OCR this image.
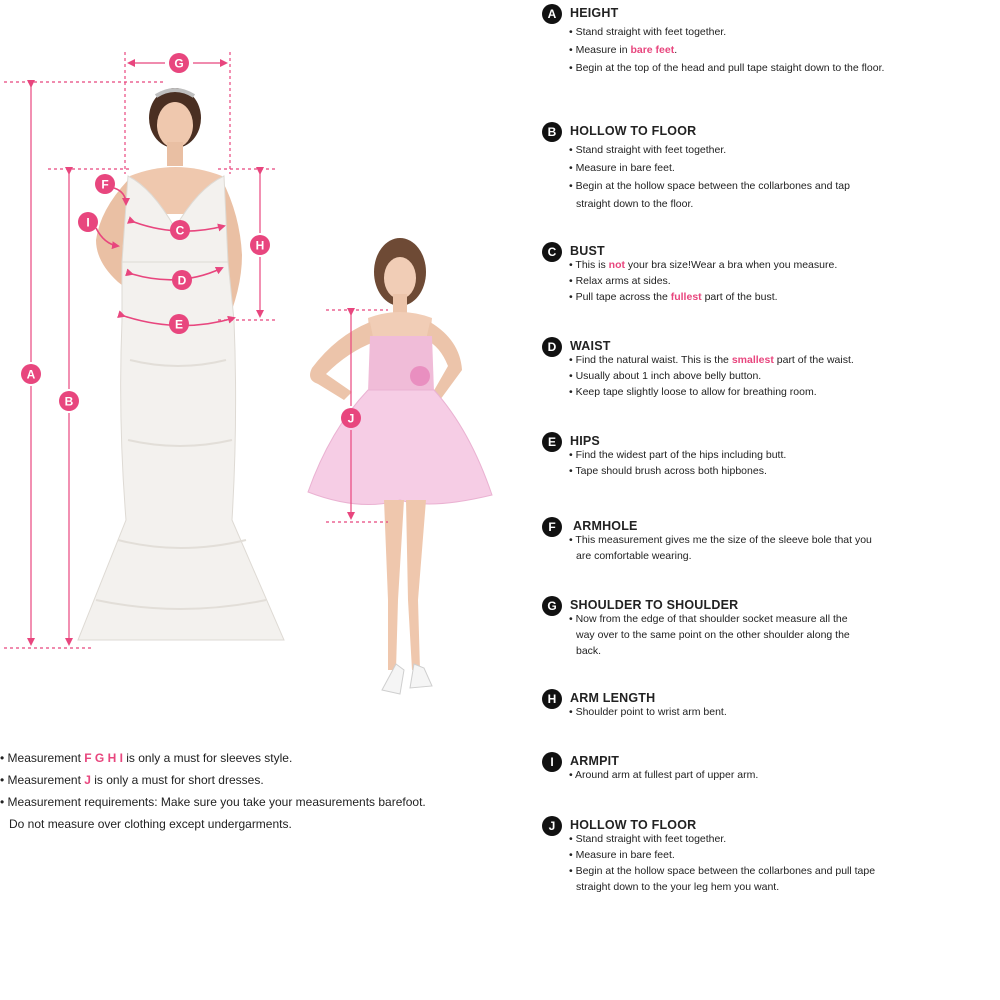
A
B
C
D
E
F
G
H
I
J
• Measurement F G H I is only a must for sleeves style.
• Measurement J is only a must for short dresses.
• Measurement requirements: Make sure you take your measurements barefoot.
Do not measure over clothing except undergarments.
A	HEIGHT
• Stand straight with feet together.
• Measure in bare feet.
• Begin at the top of the head and pull tape staight down to the floor.
B	HOLLOW TO FLOOR
• Stand straight with feet together.
• Measure in bare feet.
• Begin at the hollow space between the collarbones and tap straight down to the floor.
C	BUST
• This is not your bra size!Wear a bra when you measure.
• Relax arms at sides.
• Pull tape across the fullest part of the bust.
D	WAIST
• Find the natural waist. This is the smallest part of the waist.
• Usually about 1 inch above belly button.
• Keep tape slightly loose to allow for breathing room.
E	HIPS
• Find the widest part of the hips including butt.
• Tape should brush across both hipbones.
F	ARMHOLE
• This measurement gives me the size of the sleeve bole that you are comfortable wearing.
G	SHOULDER TO SHOULDER
• Now from the edge of that shoulder socket measure all the way over to the same point on the other shoulder along the back.
H	ARM LENGTH
• Shoulder point to wrist arm bent.
I	ARMPIT
• Around arm at fullest part of upper arm.
J	HOLLOW TO FLOOR
• Stand straight with feet together.
• Measure in bare feet.
• Begin at the hollow space between the collarbones and pull tape straight down to the your leg hem you want.
